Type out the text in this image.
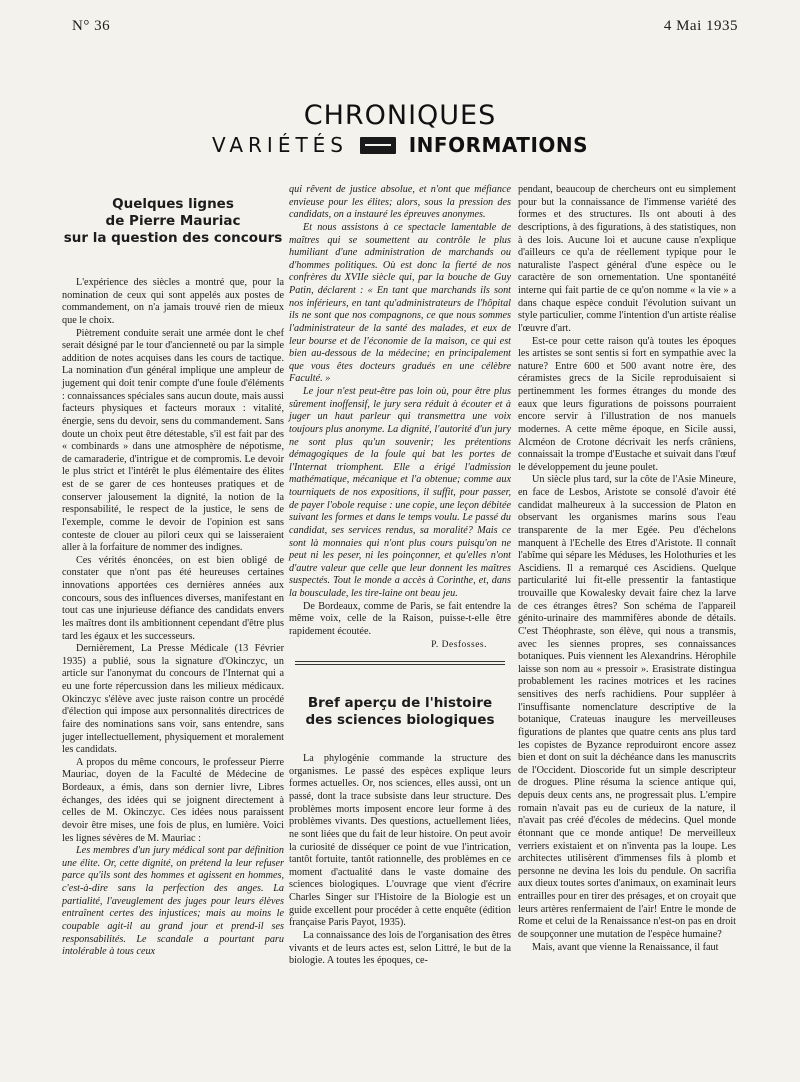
N° 36	4 Mai 1935
CHRONIQUES
VARIÉTÉS	INFORMATIONS
Quelques lignes
de Pierre Mauriac
sur la question des concours

L'expérience des siècles a montré que, pour la nomination de ceux qui sont appelés aux postes de commandement, on n'a jamais trouvé rien de mieux que le choix.

Piètrement conduite serait une armée dont le chef serait désigné par le tour d'ancienneté ou par la simple addition de notes acquises dans les cours de tactique. La nomination d'un général implique une ampleur de jugement qui doit tenir compte d'une foule d'éléments : connaissances spéciales sans aucun doute, mais aussi facteurs physiques et facteurs moraux : vitalité, énergie, sens du devoir, sens du commandement. Sans doute un choix peut être détestable, s'il est fait par des « combinards » dans une atmosphère de népotisme, de camaraderie, d'intrigue et de compromis. Le devoir le plus strict et l'intérêt le plus élémentaire des élites est de se garer de ces honteuses pratiques et de conserver jalousement la dignité, la notion de la responsabilité, le respect de la justice, le sens de l'exemple, comme le devoir de l'opinion est sans conteste de clouer au pilori ceux qui se laisseraient aller à la forfaiture de nommer des indignes.

Ces vérités énoncées, on est bien obligé de constater que n'ont pas été heureuses certaines innovations apportées ces dernières années aux concours, sous des influences diverses, manifestant en tout cas une injurieuse défiance des candidats envers les maîtres dont ils ambitionnent cependant d'être plus tard les égaux et les successeurs.

Dernièrement, La Presse Médicale (13 Février 1935) a publié, sous la signature d'Okinczyc, un article sur l'anonymat du concours de l'Internat qui a eu une forte répercussion dans les milieux médicaux. Okinczyc s'élève avec juste raison contre un procédé d'élection qui impose aux personnalités directrices de faire des nominations sans voir, sans entendre, sans juger intellectuellement, physiquement et moralement les candidats.

A propos du même concours, le professeur Pierre Mauriac, doyen de la Faculté de Médecine de Bordeaux, a émis, dans son dernier livre, Libres échanges, des idées qui se joignent directement à celles de M. Okinczyc. Ces idées nous paraissent devoir être mises, une fois de plus, en lumière. Voici les lignes sévères de M. Mauriac :

Les membres d'un jury médical sont par définition une élite. Or, cette dignité, on prétend la leur refuser parce qu'ils sont des hommes et agissent en hommes, c'est-à-dire sans la perfection des anges. La partialité, l'aveuglement des juges pour leurs élèves entraînent certes des injustices; mais au moins le coupable agit-il au grand jour et prend-il ses responsabilités. Le scandale a pourtant paru intolérable à tous ceux

qui rêvent de justice absolue, et n'ont que méfiance envieuse pour les élites; alors, sous la pression des candidats, on a instauré les épreuves anonymes.

Et nous assistons à ce spectacle lamentable de maîtres qui se soumettent au contrôle le plus humiliant d'une administration de marchands ou d'hommes politiques. Où est donc la fierté de nos confrères du XVIIe siècle qui, par la bouche de Guy Patin, déclarent : « En tant que marchands ils sont nos inférieurs, en tant qu'administrateurs de l'hôpital ils ne sont que nos compagnons, ce que nous sommes l'administrateur de la santé des malades, et eux de leur bourse et de l'économie de la maison, ce qui est bien au-dessous de la médecine; en principalement que vous êtes docteurs gradués en une célèbre Faculté. »

Le jour n'est peut-être pas loin où, pour être plus sûrement inoffensif, le jury sera réduit à écouter et à juger un haut parleur qui transmettra une voix toujours plus anonyme. La dignité, l'autorité d'un jury ne sont plus qu'un souvenir; les prétentions démagogiques de la foule qui bat les portes de l'Internat triomphent. Elle a érigé l'admission mathématique, mécanique et l'a obtenue; comme aux tourniquets de nos expositions, il suffit, pour passer, de payer l'obole requise : une copie, une leçon débitée suivant les formes et dans le temps voulu. Le passé du candidat, ses services rendus, sa moralité? Mais ce sont là monnaies qui n'ont plus cours puisqu'on ne peut ni les peser, ni les poinçonner, et qu'elles n'ont d'autre valeur que celle que leur donnent les maîtres suspectés. Tout le monde a accès à Corinthe, et, dans la bousculade, les tire-laine ont beau jeu.

De Bordeaux, comme de Paris, se fait entendre la même voix, celle de la Raison, puisse-t-elle être rapidement écoutée.

P. Desfosses.

Bref aperçu de l'histoire
des sciences biologiques

La phylogénie commande la structure des organismes. Le passé des espèces explique leurs formes actuelles. Or, nos sciences, elles aussi, ont un passé, dont la trace subsiste dans leur structure. Des problèmes morts imposent encore leur forme à des problèmes vivants. Des questions, actuellement liées, ne sont liées que du fait de leur histoire. On peut avoir la curiosité de disséquer ce point de vue l'intrication, tantôt fortuite, tantôt rationnelle, des problèmes en ce moment d'actualité dans le vaste domaine des sciences biologiques. L'ouvrage que vient d'écrire Charles Singer sur l'Histoire de la Biologie est un guide excellent pour procéder à cette enquête (édition française Paris Payot, 1935).

La connaissance des lois de l'organisation des êtres vivants et de leurs actes est, selon Littré, le but de la biologie. A toutes les époques, ce-

pendant, beaucoup de chercheurs ont eu simplement pour but la connaissance de l'immense variété des formes et des structures. Ils ont abouti à des descriptions, à des figurations, à des statistiques, non à des lois. Aucune loi et aucune cause n'explique d'ailleurs ce qu'a de réellement typique pour le naturaliste l'aspect général d'une espèce ou le caractère de son ornementation. Une spontanéité interne qui fait partie de ce qu'on nomme « la vie » a dans chaque espèce conduit l'évolution suivant un style particulier, comme l'intention d'un artiste réalise l'œuvre d'art.

Est-ce pour cette raison qu'à toutes les époques les artistes se sont sentis si fort en sympathie avec la nature? Entre 600 et 500 avant notre ère, des céramistes grecs de la Sicile reproduisaient si pertinemment les formes étranges du monde des eaux que leurs figurations de poissons pourraient encore servir à l'illustration de nos manuels modernes. A cette même époque, en Sicile aussi, Alcméon de Crotone décrivait les nerfs crâniens, connaissait la trompe d'Eustache et suivait dans l'œuf le développement du jeune poulet.

Un siècle plus tard, sur la côte de l'Asie Mineure, en face de Lesbos, Aristote se consolé d'avoir été candidat malheureux à la succession de Platon en observant les organismes marins sous l'eau transparente de la mer Egée. Peu d'échelons manquent à l'Echelle des Etres d'Aristote. Il connaît l'abîme qui sépare les Méduses, les Holothuries et les Ascidiens. Il a remarqué ces Ascidiens. Quelque particularité lui fit-elle pressentir la fantastique trouvaille que Kowalesky devait faire chez la larve de ces étranges êtres? Son schéma de l'appareil génito-urinaire des mammifères abonde de détails. C'est Théophraste, son élève, qui nous a transmis, avec les siennes propres, ses connaissances botaniques. Puis viennent les Alexandrins. Hérophile laisse son nom au « pressoir ». Erasistrate distingua probablement les racines motrices et les racines sensitives des nerfs rachidiens. Pour suppléer à l'insuffisante nomenclature descriptive de la botanique, Crateuas inaugure les merveilleuses figurations de plantes que quatre cents ans plus tard les copistes de Byzance reproduiront encore assez bien et dont on suit la déchéance dans les manuscrits de l'Occident. Dioscoride fut un simple descripteur de drogues. Pline résuma la science antique qui, depuis deux cents ans, ne progressait plus. L'empire romain n'avait pas eu de curieux de la nature, il n'avait pas créé d'écoles de médecins. Quel monde étonnant que ce monde antique! De merveilleux verriers existaient et on n'inventa pas la loupe. Les architectes utilisèrent d'immenses fils à plomb et personne ne devina les lois du pendule. On sacrifia aux dieux toutes sortes d'animaux, on examinait leurs entrailles pour en tirer des présages, et on croyait que leurs artères renfermaient de l'air! Entre le monde de Rome et celui de la Renaissance n'est-on pas en droit de soupçonner une mutation de l'espèce humaine?

Mais, avant que vienne la Renaissance, il faut
